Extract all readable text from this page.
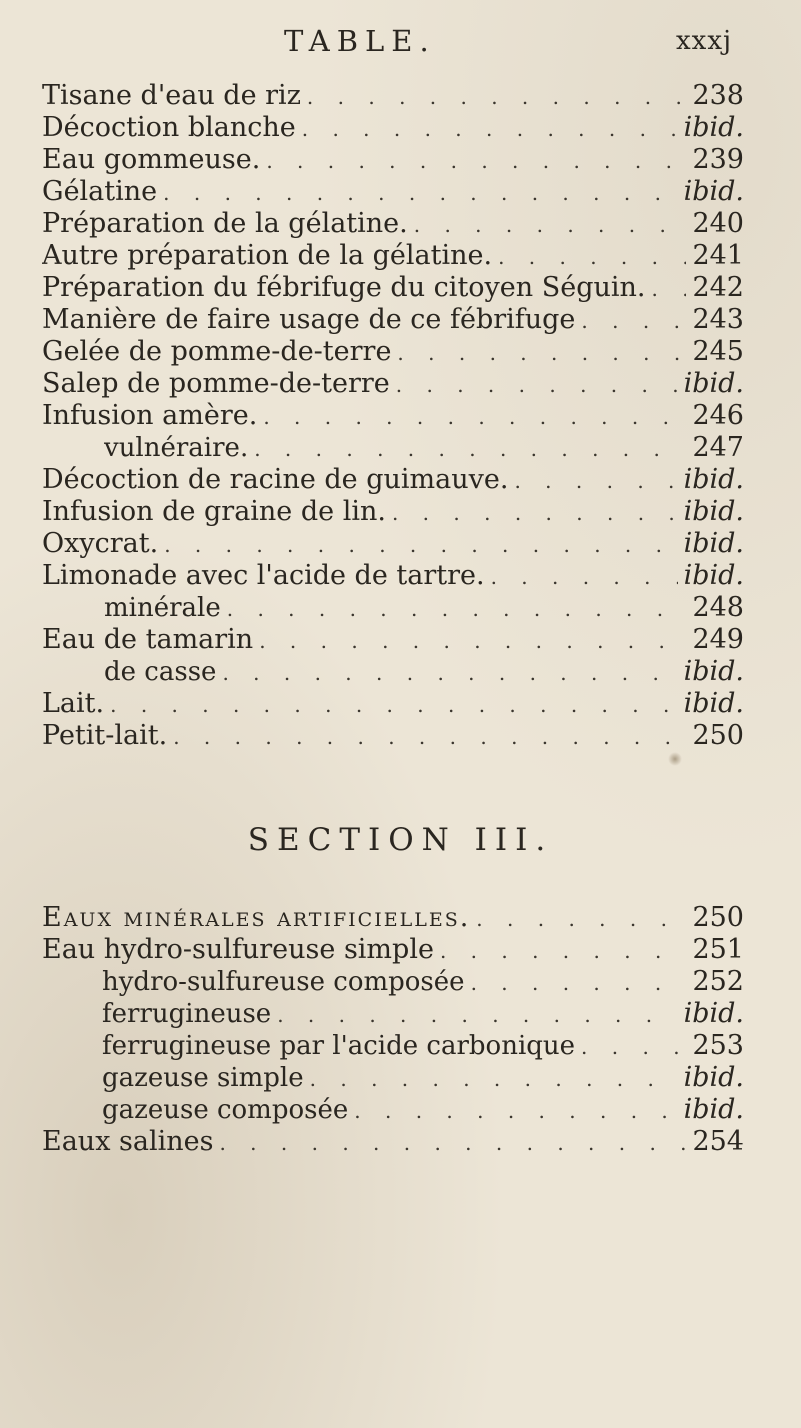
TABLE.	xxxj
Tisane d'eau de riz . . .	238
Décoction blanche . . .	ibid.
Eau gommeuse. . . .	239
Gélatine . . .	ibid.
Préparation de la gélatine. . . .	240
Autre préparation de la gélatine. . . .	241
Préparation du fébrifuge du citoyen Séguin. . . . 242
Manière de faire usage de ce fébrifuge . . .	243
Gelée de pomme-de-terre . . .	245
Salep de pomme-de-terre . . .	ibid.
Infusion amère. . . .	246
vulnéraire. . . .	247
Décoction de racine de guimauve. . . .	ibid.
Infusion de graine de lin. . . .	ibid.
Oxycrat. . . .	ibid.
Limonade avec l'acide de tartre. . . .	ibid.
minérale . . .	248
Eau de tamarin . . .	249
de casse . . .	ibid.
Lait. . . .	ibid.
Petit-lait. . . .	250
SECTION III.
Eaux minérales artificielles. . . .	250
Eau hydro-sulfureuse simple . . .	251
hydro-sulfureuse composée . . .	252
ferrugineuse . . .	ibid.
ferrugineuse par l'acide carbonique . . .	253
gazeuse simple . . .	ibid.
gazeuse composée . . .	ibid.
Eaux salines . . .	254
